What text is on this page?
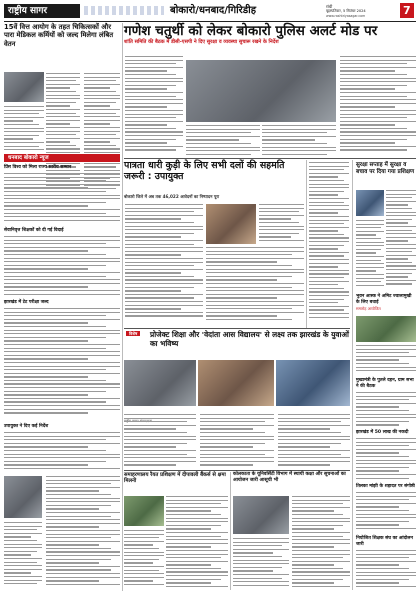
राष्ट्रीय सागर	बोकारो/धनबाद/गिरिडीह	रांची
बृहस्पतिवार, 5 सितंबर 2024
www.rashtriyasagar.com	7
गणेश चतुर्थी को लेकर बोकारो पुलिस अलर्ट मोड पर
शांति समिति की बैठक में डीसी-एसपी ने दिए सुरक्षा व व्यवस्था सुचारू रखने के निर्देश
15वें वित्त आयोग के तहत चिकित्सकों और पारा मेडिकल कर्मियों को जल्द मिलेगा लंबित वेतन
धनबाद बोकारो न्यूज
प्रिंस विश्व को मिला राज्य स्तरीय सम्मान
सेवानिवृत्त शिक्षकों को दी गई विदाई
झारखंड में टेट परीक्षा जल्द
उपायुक्त ने दिए कई निर्देश
पात्रता धारी कुड़ी के लिए सभी दलों की सहमति जरूरी : उपायुक्त
बोकारो जिले में अब तक 46,022 आवेदनों का निष्पादन पूरा
सुरक्षा सप्ताह में सुरक्षा व बचाव पर दिया गया प्रशिक्षण
भुवन आस्क ने अमिट ज्वालामुखी के लिए बधाई
समारोह आयोजित
मुख्यमंत्री के पुतले दहन, ग्राम सभा ने की बैठक
झारखंड में 50 लाख की नकदी
तिलका मांझी के शहादत पर संगोष्ठी
नियोजित शिक्षक संघ का आंदोलन जारी
विशेष	प्रोजेक्ट शिक्षा और 'वेदांता आस विद्यालय' से लक्ष्य तक झारखंड के युवाओं का भविष्य
समाहरणालय रैयत प्रशिक्षण में दीपावली बैंकर्स से क्षमा मिलनी
कोलकाता के यूनिवर्सिटी विभाग में स्थायी कक्षा और सूचनाओं का आयोजन जारी आसूची भी
